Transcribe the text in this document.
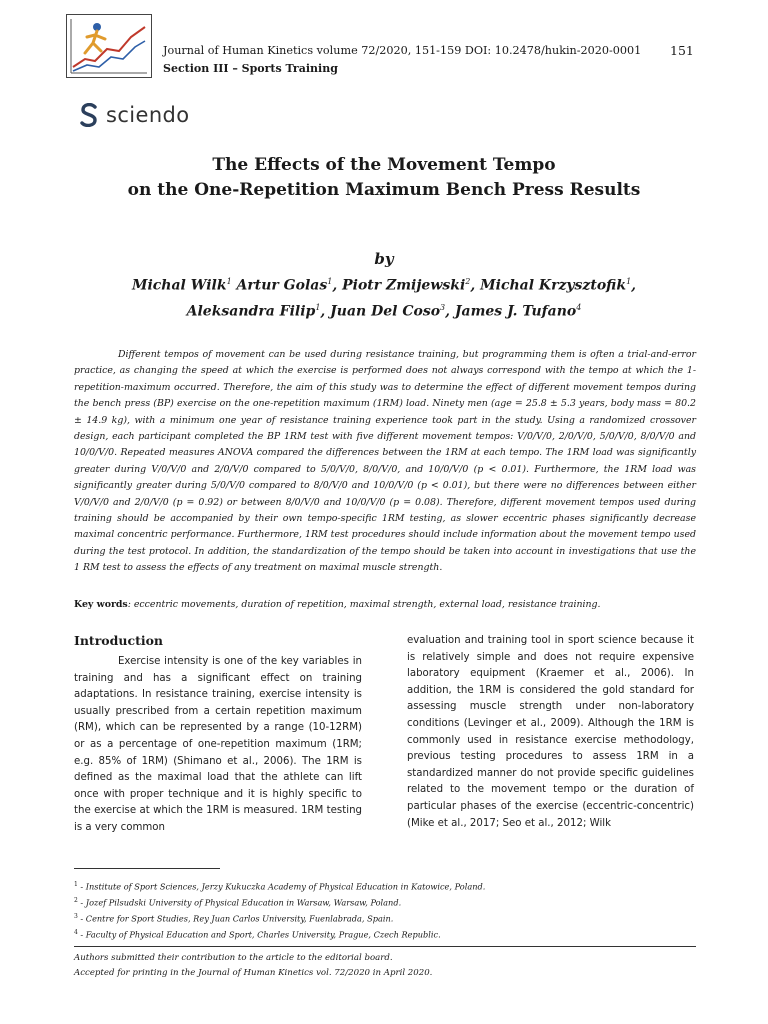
Journal of Human Kinetics volume 72/2020, 151-159 DOI: 10.2478/hukin-2020-0001 151
Section III – Sports Training
sciendo
The Effects of the Movement Tempo
on the One-Repetition Maximum Bench Press Results
by
Michal Wilk$^1$ Artur Golas$^1$, Piotr Zmijewski$^2$, Michal Krzysztofik$^1$,
Aleksandra Filip$^1$, Juan Del Coso$^3$, James J. Tufano$^4$
Different tempos of movement can be used during resistance training, but programming them is often a trial-and-error practice, as changing the speed at which the exercise is performed does not always correspond with the tempo at which the 1-repetition-maximum occurred. Therefore, the aim of this study was to determine the effect of different movement tempos during the bench press (BP) exercise on the one-repetition maximum (1RM) load. Ninety men (age = 25.8 ± 5.3 years, body mass = 80.2 ± 14.9 kg), with a minimum one year of resistance training experience took part in the study. Using a randomized crossover design, each participant completed the BP 1RM test with five different movement tempos: V/0/V/0, 2/0/V/0, 5/0/V/0, 8/0/V/0 and 10/0/V/0. Repeated measures ANOVA compared the differences between the 1RM at each tempo. The 1RM load was significantly greater during V/0/V/0 and 2/0/V/0 compared to 5/0/V/0, 8/0/V/0, and 10/0/V/0 (p < 0.01). Furthermore, the 1RM load was significantly greater during 5/0/V/0 compared to 8/0/V/0 and 10/0/V/0 (p < 0.01), but there were no differences between either V/0/V/0 and 2/0/V/0 (p = 0.92) or between 8/0/V/0 and 10/0/V/0 (p = 0.08). Therefore, different movement tempos used during training should be accompanied by their own tempo-specific 1RM testing, as slower eccentric phases significantly decrease maximal concentric performance. Furthermore, 1RM test procedures should include information about the movement tempo used during the test protocol. In addition, the standardization of the tempo should be taken into account in investigations that use the 1 RM test to assess the effects of any treatment on maximal muscle strength.
Key words: eccentric movements, duration of repetition, maximal strength, external load, resistance training.
Introduction

Exercise intensity is one of the key variables in training and has a significant effect on training adaptations. In resistance training, exercise intensity is usually prescribed from a certain repetition maximum (RM), which can be represented by a range (10-12RM) or as a percentage of one-repetition maximum (1RM; e.g. 85% of 1RM) (Shimano et al., 2006). The 1RM is defined as the maximal load that the athlete can lift once with proper technique and it is highly specific to the exercise at which the 1RM is measured. 1RM testing is a very common

evaluation and training tool in sport science because it is relatively simple and does not require expensive laboratory equipment (Kraemer et al., 2006). In addition, the 1RM is considered the gold standard for assessing muscle strength under non-laboratory conditions (Levinger et al., 2009). Although the 1RM is commonly used in resistance exercise methodology, previous testing procedures to assess 1RM in a standardized manner do not provide specific guidelines related to the movement tempo or the duration of particular phases of the exercise (eccentric-concentric) (Mike et al., 2017; Seo et al., 2012; Wilk

$^1$ - Institute of Sport Sciences, Jerzy Kukuczka Academy of Physical Education in Katowice, Poland.
$^2$ - Jozef Pilsudski University of Physical Education in Warsaw, Warsaw, Poland.
$^3$ - Centre for Sport Studies, Rey Juan Carlos University, Fuenlabrada, Spain.
$^4$ - Faculty of Physical Education and Sport, Charles University, Prague, Czech Republic.
Authors submitted their contribution to the article to the editorial board.
Accepted for printing in the Journal of Human Kinetics vol. 72/2020 in April 2020.
